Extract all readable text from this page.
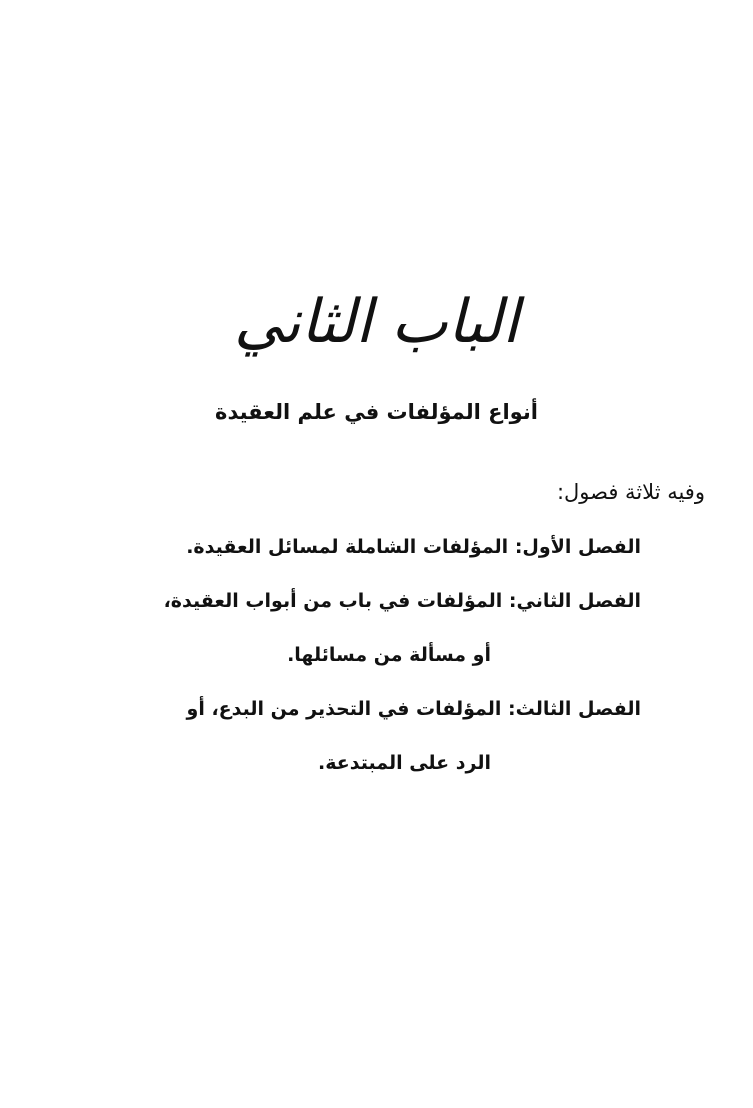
الباب الثاني
أنواع المؤلفات في علم العقيدة
وفيه ثلاثة فصول:
الفصل الأول: المؤلفات الشاملة لمسائل العقيدة.
الفصل الثاني: المؤلفات في باب من أبواب العقيدة،
أو مسألة من مسائلها.
الفصل الثالث: المؤلفات في التحذير من البدع، أو
الرد على المبتدعة.
